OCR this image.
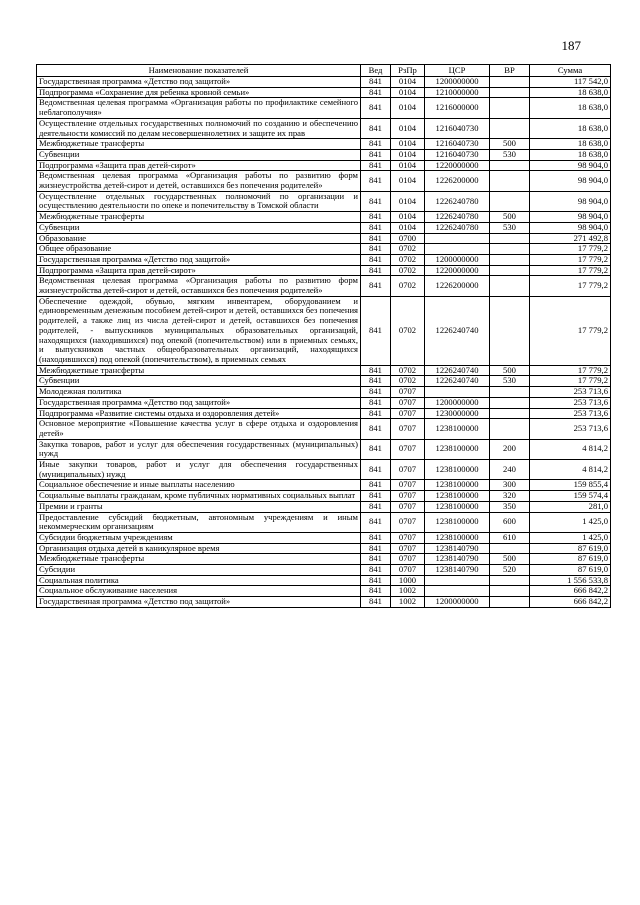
187
Наименование показателей	Вед	РзПр	ЦСР	ВР	Сумма
Государственная программа «Детство под защитой»	841	0104	1200000000		117 542,0
Подпрограмма «Сохранение для ребенка кровной семьи»	841	0104	1210000000		18 638,0
Ведомственная целевая программа «Организация работы по профилактике семейного неблагополучия»	841	0104	1216000000		18 638,0
Осуществление отдельных государственных полномочий по созданию и обеспечению деятельности комиссий по делам несовершеннолетних и защите их прав	841	0104	1216040730		18 638,0
Межбюджетные трансферты	841	0104	1216040730	500	18 638,0
Субвенции	841	0104	1216040730	530	18 638,0
Подпрограмма «Защита прав детей-сирот»	841	0104	1220000000		98 904,0
Ведомственная целевая программа «Организация работы по развитию форм жизнеустройства детей-сирот и детей, оставшихся без попечения родителей»	841	0104	1226200000		98 904,0
Осуществление отдельных государственных полномочий по организации и осуществлению деятельности по опеке и попечительству в Томской области	841	0104	1226240780		98 904,0
Межбюджетные трансферты	841	0104	1226240780	500	98 904,0
Субвенции	841	0104	1226240780	530	98 904,0
Образование	841	0700			271 492,8
Общее образование	841	0702			17 779,2
Государственная программа «Детство под защитой»	841	0702	1200000000		17 779,2
Подпрограмма «Защита прав детей-сирот»	841	0702	1220000000		17 779,2
Ведомственная целевая программа «Организация работы по развитию форм жизнеустройства детей-сирот и детей, оставшихся без попечения родителей»	841	0702	1226200000		17 779,2
Обеспечение одеждой, обувью, мягким инвентарем, оборудованием и единовременным денежным пособием детей-сирот и детей, оставшихся без попечения родителей, а также лиц из числа детей-сирот и детей, оставшихся без попечения родителей, - выпускников муниципальных образовательных организаций, находящихся (находившихся) под опекой (попечительством) или в приемных семьях, и выпускников частных общеобразовательных организаций, находящихся (находившихся) под опекой (попечительством), в приемных семьях	841	0702	1226240740		17 779,2
Межбюджетные трансферты	841	0702	1226240740	500	17 779,2
Субвенции	841	0702	1226240740	530	17 779,2
Молодежная политика	841	0707			253 713,6
Государственная программа «Детство под защитой»	841	0707	1200000000		253 713,6
Подпрограмма «Развитие системы отдыха и оздоровления детей»	841	0707	1230000000		253 713,6
Основное мероприятие «Повышение качества услуг в сфере отдыха и оздоровления детей»	841	0707	1238100000		253 713,6
Закупка товаров, работ и услуг для обеспечения государственных (муниципальных) нужд	841	0707	1238100000	200	4 814,2
Иные закупки товаров, работ и услуг для обеспечения государственных (муниципальных) нужд	841	0707	1238100000	240	4 814,2
Социальное обеспечение и иные выплаты населению	841	0707	1238100000	300	159 855,4
Социальные выплаты гражданам, кроме публичных нормативных социальных выплат	841	0707	1238100000	320	159 574,4
Премии и гранты	841	0707	1238100000	350	281,0
Предоставление субсидий бюджетным, автономным учреждениям и иным некоммерческим организациям	841	0707	1238100000	600	1 425,0
Субсидии бюджетным учреждениям	841	0707	1238100000	610	1 425,0
Организация отдыха детей в каникулярное время	841	0707	1238140790		87 619,0
Межбюджетные трансферты	841	0707	1238140790	500	87 619,0
Субсидии	841	0707	1238140790	520	87 619,0
Социальная политика	841	1000			1 556 533,8
Социальное обслуживание населения	841	1002			666 842,2
Государственная программа «Детство под защитой»	841	1002	1200000000		666 842,2
